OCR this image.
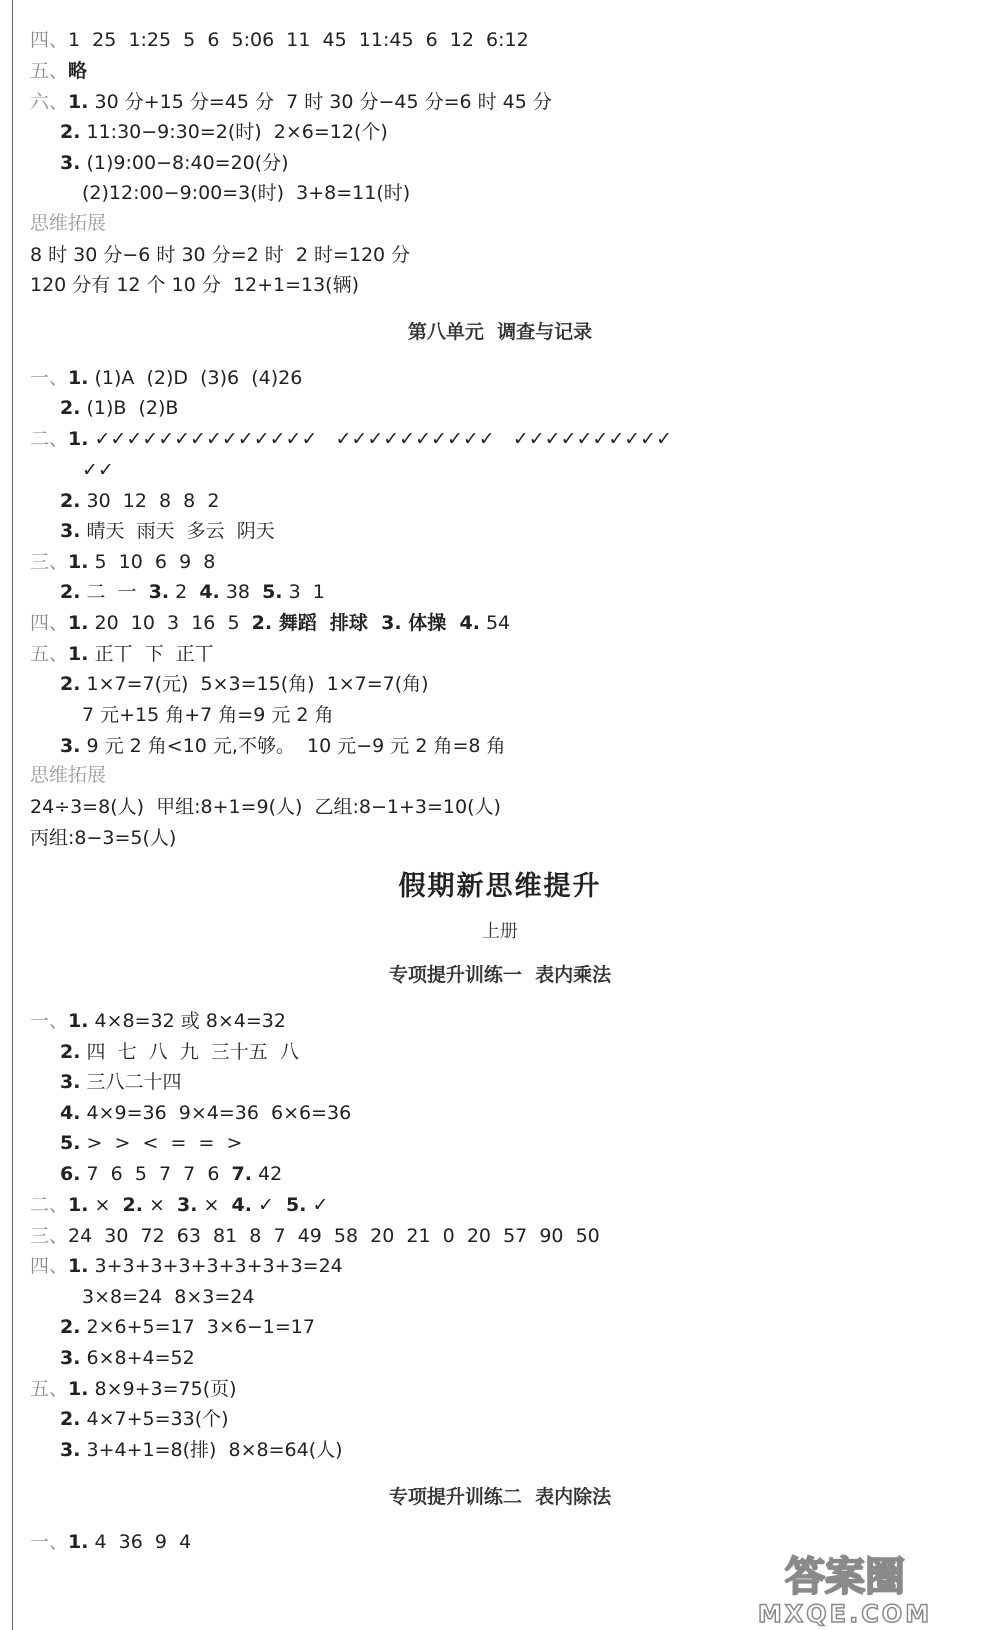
四、1  25  1:25  5  6  5:06  11  45  11:45  6  12  6:12
五、略
六、1. 30 分+15 分=45 分  7 时 30 分−45 分=6 时 45 分
2. 11:30−9:30=2(时)  2×6=12(个)
3. (1)9:00−8:40=20(分)
(2)12:00−9:00=3(时)  3+8=11(时)
思维拓展
8 时 30 分−6 时 30 分=2 时  2 时=120 分
120 分有 12 个 10 分  12+1=13(辆)
第八单元  调查与记录
一、1. (1)A  (2)D  (3)6  (4)26
2. (1)B  (2)B
二、1. ✓✓✓✓✓✓✓✓✓✓✓✓✓✓   ✓✓✓✓✓✓✓✓✓✓   ✓✓✓✓✓✓✓✓✓✓
✓✓
2. 30  12  8  8  2
3. 晴天  雨天  多云  阴天
三、1. 5  10  6  9  8
2. 二  一  3. 2  4. 38  5. 3  1
四、1. 20  10  3  16  5  2. 舞蹈  排球  3. 体操  4. 54
五、1. 正丅  下  正丅
2. 1×7=7(元)  5×3=15(角)  1×7=7(角)
7 元+15 角+7 角=9 元 2 角
3. 9 元 2 角<10 元,不够。  10 元−9 元 2 角=8 角
思维拓展
24÷3=8(人)  甲组:8+1=9(人)  乙组:8−1+3=10(人)
丙组:8−3=5(人)
假期新思维提升
上册
专项提升训练一  表内乘法
一、1. 4×8=32 或 8×4=32
2. 四  七  八  九  三十五  八
3. 三八二十四
4. 4×9=36  9×4=36  6×6=36
5. >  >  <  =  =  >
6. 7  6  5  7  7  6  7. 42
二、1. ×  2. ×  3. ×  4. ✓  5. ✓
三、24  30  72  63  81  8  7  49  58  20  21  0  20  57  90  50
四、1. 3+3+3+3+3+3+3+3=24
3×8=24  8×3=24
2. 2×6+5=17  3×6−1=17
3. 6×8+4=52
五、1. 8×9+3=75(页)
2. 4×7+5=33(个)
3. 3+4+1=8(排)  8×8=64(人)
专项提升训练二  表内除法
一、1. 4  36  9  4
答案圈
MXQE.COM
